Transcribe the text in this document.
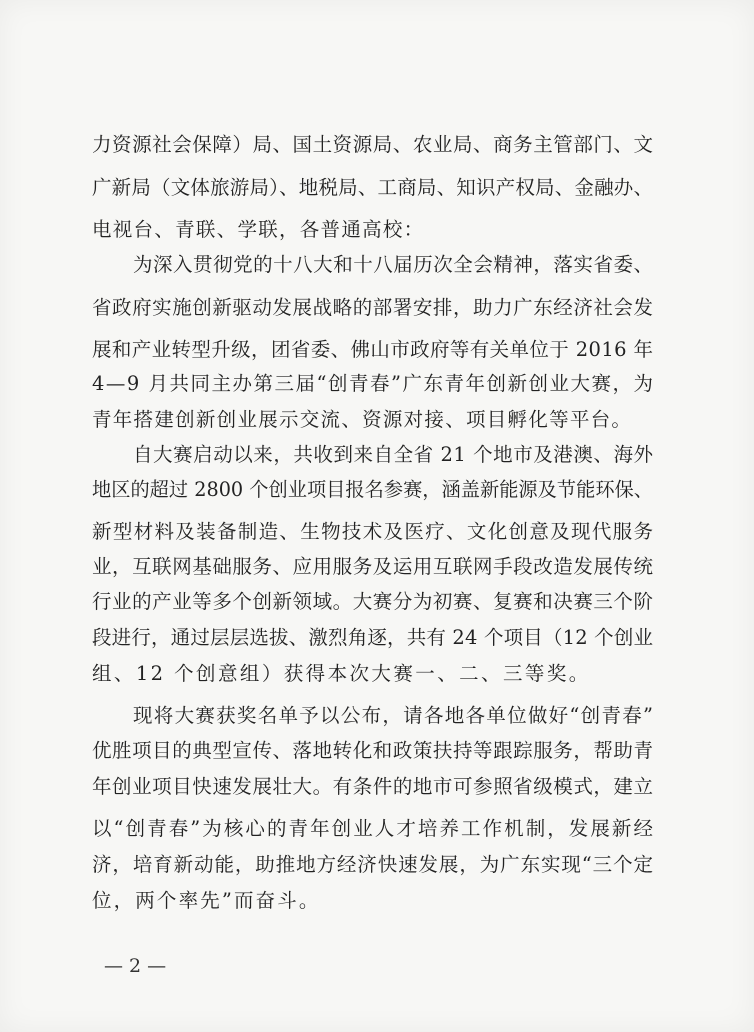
力资源社会保障）局、国土资源局、农业局、商务主管部门、文
广新局（文体旅游局）、地税局、工商局、知识产权局、金融办、
电视台、青联、学联，各普通高校：
为深入贯彻党的十八大和十八届历次全会精神，落实省委、
省政府实施创新驱动发展战略的部署安排，助力广东经济社会发
展和产业转型升级，团省委、佛山市政府等有关单位于 2016 年
4—9 月共同主办第三届“创青春”广东青年创新创业大赛，为
青年搭建创新创业展示交流、资源对接、项目孵化等平台。
自大赛启动以来，共收到来自全省 21 个地市及港澳、海外
地区的超过 2800 个创业项目报名参赛，涵盖新能源及节能环保、
新型材料及装备制造、生物技术及医疗、文化创意及现代服务
业，互联网基础服务、应用服务及运用互联网手段改造发展传统
行业的产业等多个创新领域。大赛分为初赛、复赛和决赛三个阶
段进行，通过层层选拔、激烈角逐，共有 24 个项目（12 个创业
组、12 个创意组）获得本次大赛一、二、三等奖。
现将大赛获奖名单予以公布，请各地各单位做好“创青春”
优胜项目的典型宣传、落地转化和政策扶持等跟踪服务，帮助青
年创业项目快速发展壮大。有条件的地市可参照省级模式，建立
以“创青春”为核心的青年创业人才培养工作机制，发展新经
济，培育新动能，助推地方经济快速发展，为广东实现“三个定
位，两个率先”而奋斗。
— 2 —
